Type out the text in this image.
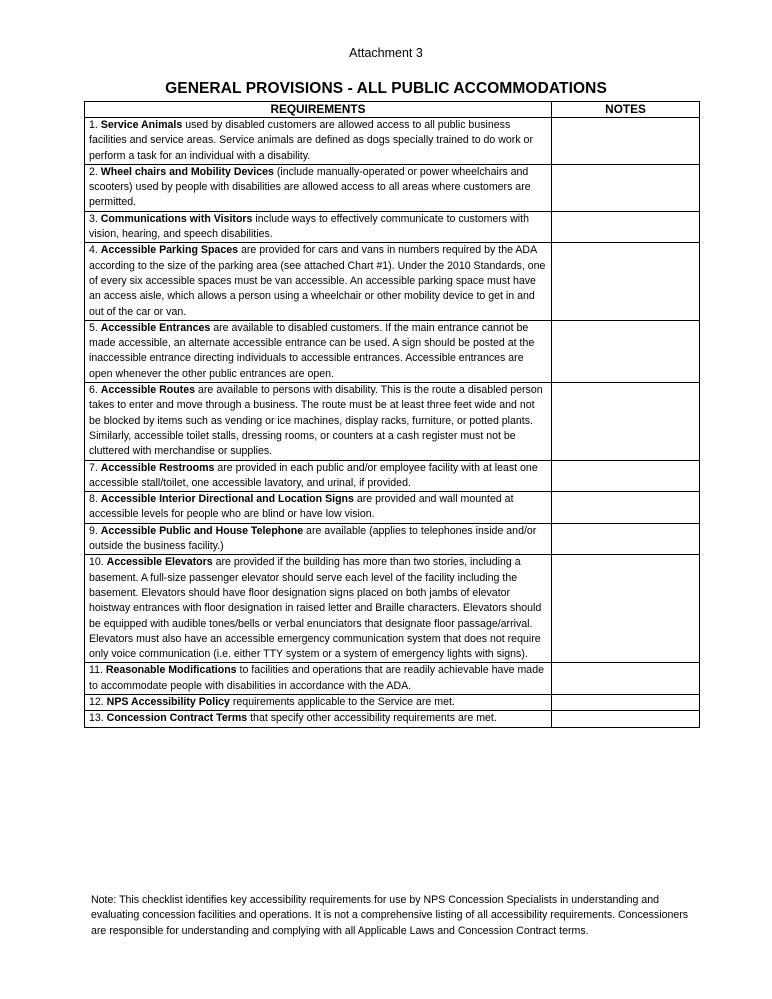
Attachment 3
GENERAL PROVISIONS - ALL PUBLIC ACCOMMODATIONS
REQUIREMENTS	NOTES
1. Service Animals used by disabled customers are allowed access to all public business facilities and service areas. Service animals are defined as dogs specially trained to do work or perform a task for an individual with a disability.	
2. Wheel chairs and Mobility Devices (include manually-operated or power wheelchairs and scooters) used by people with disabilities are allowed access to all areas where customers are permitted.	
3. Communications with Visitors include ways to effectively communicate to customers with vision, hearing, and speech disabilities.	
4. Accessible Parking Spaces are provided for cars and vans in numbers required by the ADA according to the size of the parking area (see attached Chart #1). Under the 2010 Standards, one of every six accessible spaces must be van accessible. An accessible parking space must have an access aisle, which allows a person using a wheelchair or other mobility device to get in and out of the car or van.	
5. Accessible Entrances are available to disabled customers. If the main entrance cannot be made accessible, an alternate accessible entrance can be used. A sign should be posted at the inaccessible entrance directing individuals to accessible entrances. Accessible entrances are open whenever the other public entrances are open.	
6. Accessible Routes are available to persons with disability. This is the route a disabled person takes to enter and move through a business. The route must be at least three feet wide and not be blocked by items such as vending or ice machines, display racks, furniture, or potted plants. Similarly, accessible toilet stalls, dressing rooms, or counters at a cash register must not be cluttered with merchandise or supplies.	
7. Accessible Restrooms are provided in each public and/or employee facility with at least one accessible stall/toilet, one accessible lavatory, and urinal, if provided.	
8. Accessible Interior Directional and Location Signs are provided and wall mounted at accessible levels for people who are blind or have low vision.	
9. Accessible Public and House Telephone are available (applies to telephones inside and/or outside the business facility.)	
10. Accessible Elevators are provided if the building has more than two stories, including a basement. A full-size passenger elevator should serve each level of the facility including the basement. Elevators should have floor designation signs placed on both jambs of elevator hoistway entrances with floor designation in raised letter and Braille characters. Elevators should be equipped with audible tones/bells or verbal enunciators that designate floor passage/arrival. Elevators must also have an accessible emergency communication system that does not require only voice communication (i.e. either TTY system or a system of emergency lights with signs).	
11. Reasonable Modifications to facilities and operations that are readily achievable have made to accommodate people with disabilities in accordance with the ADA.	
12. NPS Accessibility Policy requirements applicable to the Service are met.	
13. Concession Contract Terms that specify other accessibility requirements are met.	
Note: This checklist identifies key accessibility requirements for use by NPS Concession Specialists in understanding and evaluating concession facilities and operations. It is not a comprehensive listing of all accessibility requirements. Concessioners are responsible for understanding and complying with all Applicable Laws and Concession Contract terms.
